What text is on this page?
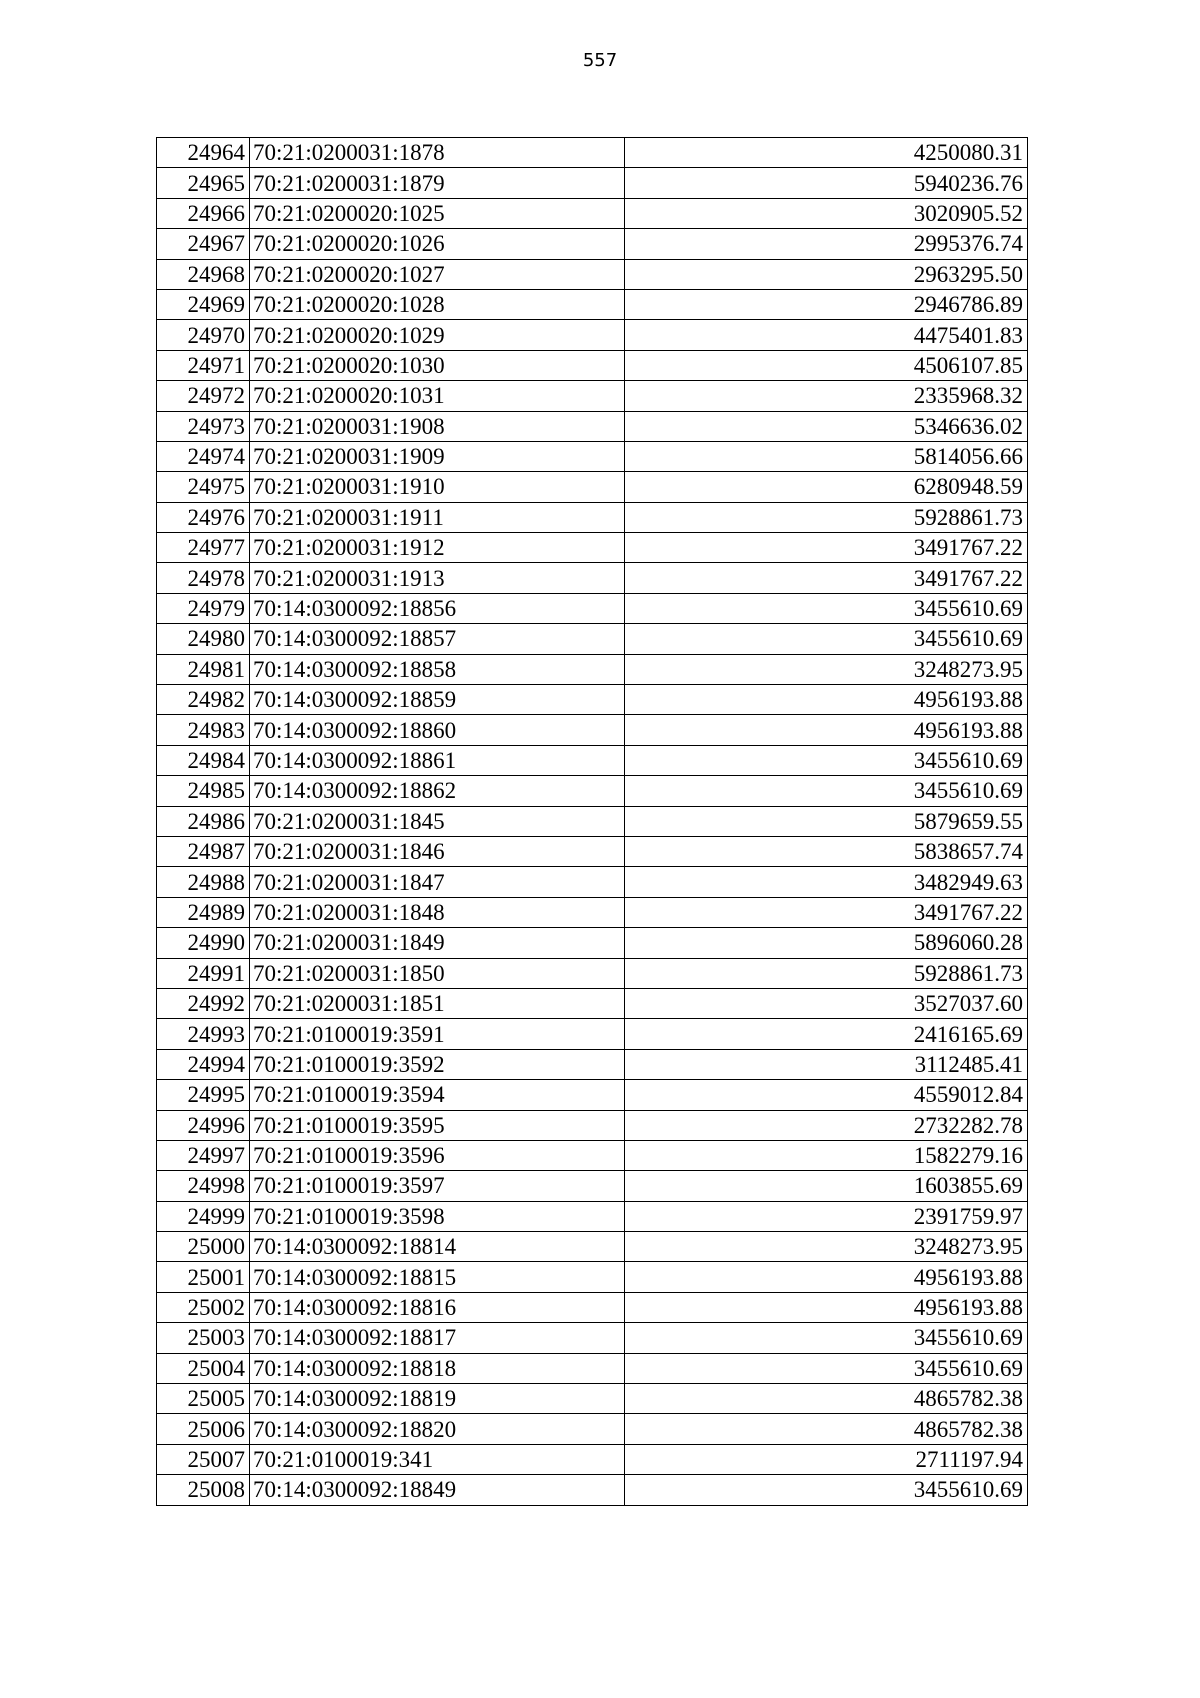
557
24964	70:21:0200031:1878	4250080.31
24965	70:21:0200031:1879	5940236.76
24966	70:21:0200020:1025	3020905.52
24967	70:21:0200020:1026	2995376.74
24968	70:21:0200020:1027	2963295.50
24969	70:21:0200020:1028	2946786.89
24970	70:21:0200020:1029	4475401.83
24971	70:21:0200020:1030	4506107.85
24972	70:21:0200020:1031	2335968.32
24973	70:21:0200031:1908	5346636.02
24974	70:21:0200031:1909	5814056.66
24975	70:21:0200031:1910	6280948.59
24976	70:21:0200031:1911	5928861.73
24977	70:21:0200031:1912	3491767.22
24978	70:21:0200031:1913	3491767.22
24979	70:14:0300092:18856	3455610.69
24980	70:14:0300092:18857	3455610.69
24981	70:14:0300092:18858	3248273.95
24982	70:14:0300092:18859	4956193.88
24983	70:14:0300092:18860	4956193.88
24984	70:14:0300092:18861	3455610.69
24985	70:14:0300092:18862	3455610.69
24986	70:21:0200031:1845	5879659.55
24987	70:21:0200031:1846	5838657.74
24988	70:21:0200031:1847	3482949.63
24989	70:21:0200031:1848	3491767.22
24990	70:21:0200031:1849	5896060.28
24991	70:21:0200031:1850	5928861.73
24992	70:21:0200031:1851	3527037.60
24993	70:21:0100019:3591	2416165.69
24994	70:21:0100019:3592	3112485.41
24995	70:21:0100019:3594	4559012.84
24996	70:21:0100019:3595	2732282.78
24997	70:21:0100019:3596	1582279.16
24998	70:21:0100019:3597	1603855.69
24999	70:21:0100019:3598	2391759.97
25000	70:14:0300092:18814	3248273.95
25001	70:14:0300092:18815	4956193.88
25002	70:14:0300092:18816	4956193.88
25003	70:14:0300092:18817	3455610.69
25004	70:14:0300092:18818	3455610.69
25005	70:14:0300092:18819	4865782.38
25006	70:14:0300092:18820	4865782.38
25007	70:21:0100019:341	2711197.94
25008	70:14:0300092:18849	3455610.69
